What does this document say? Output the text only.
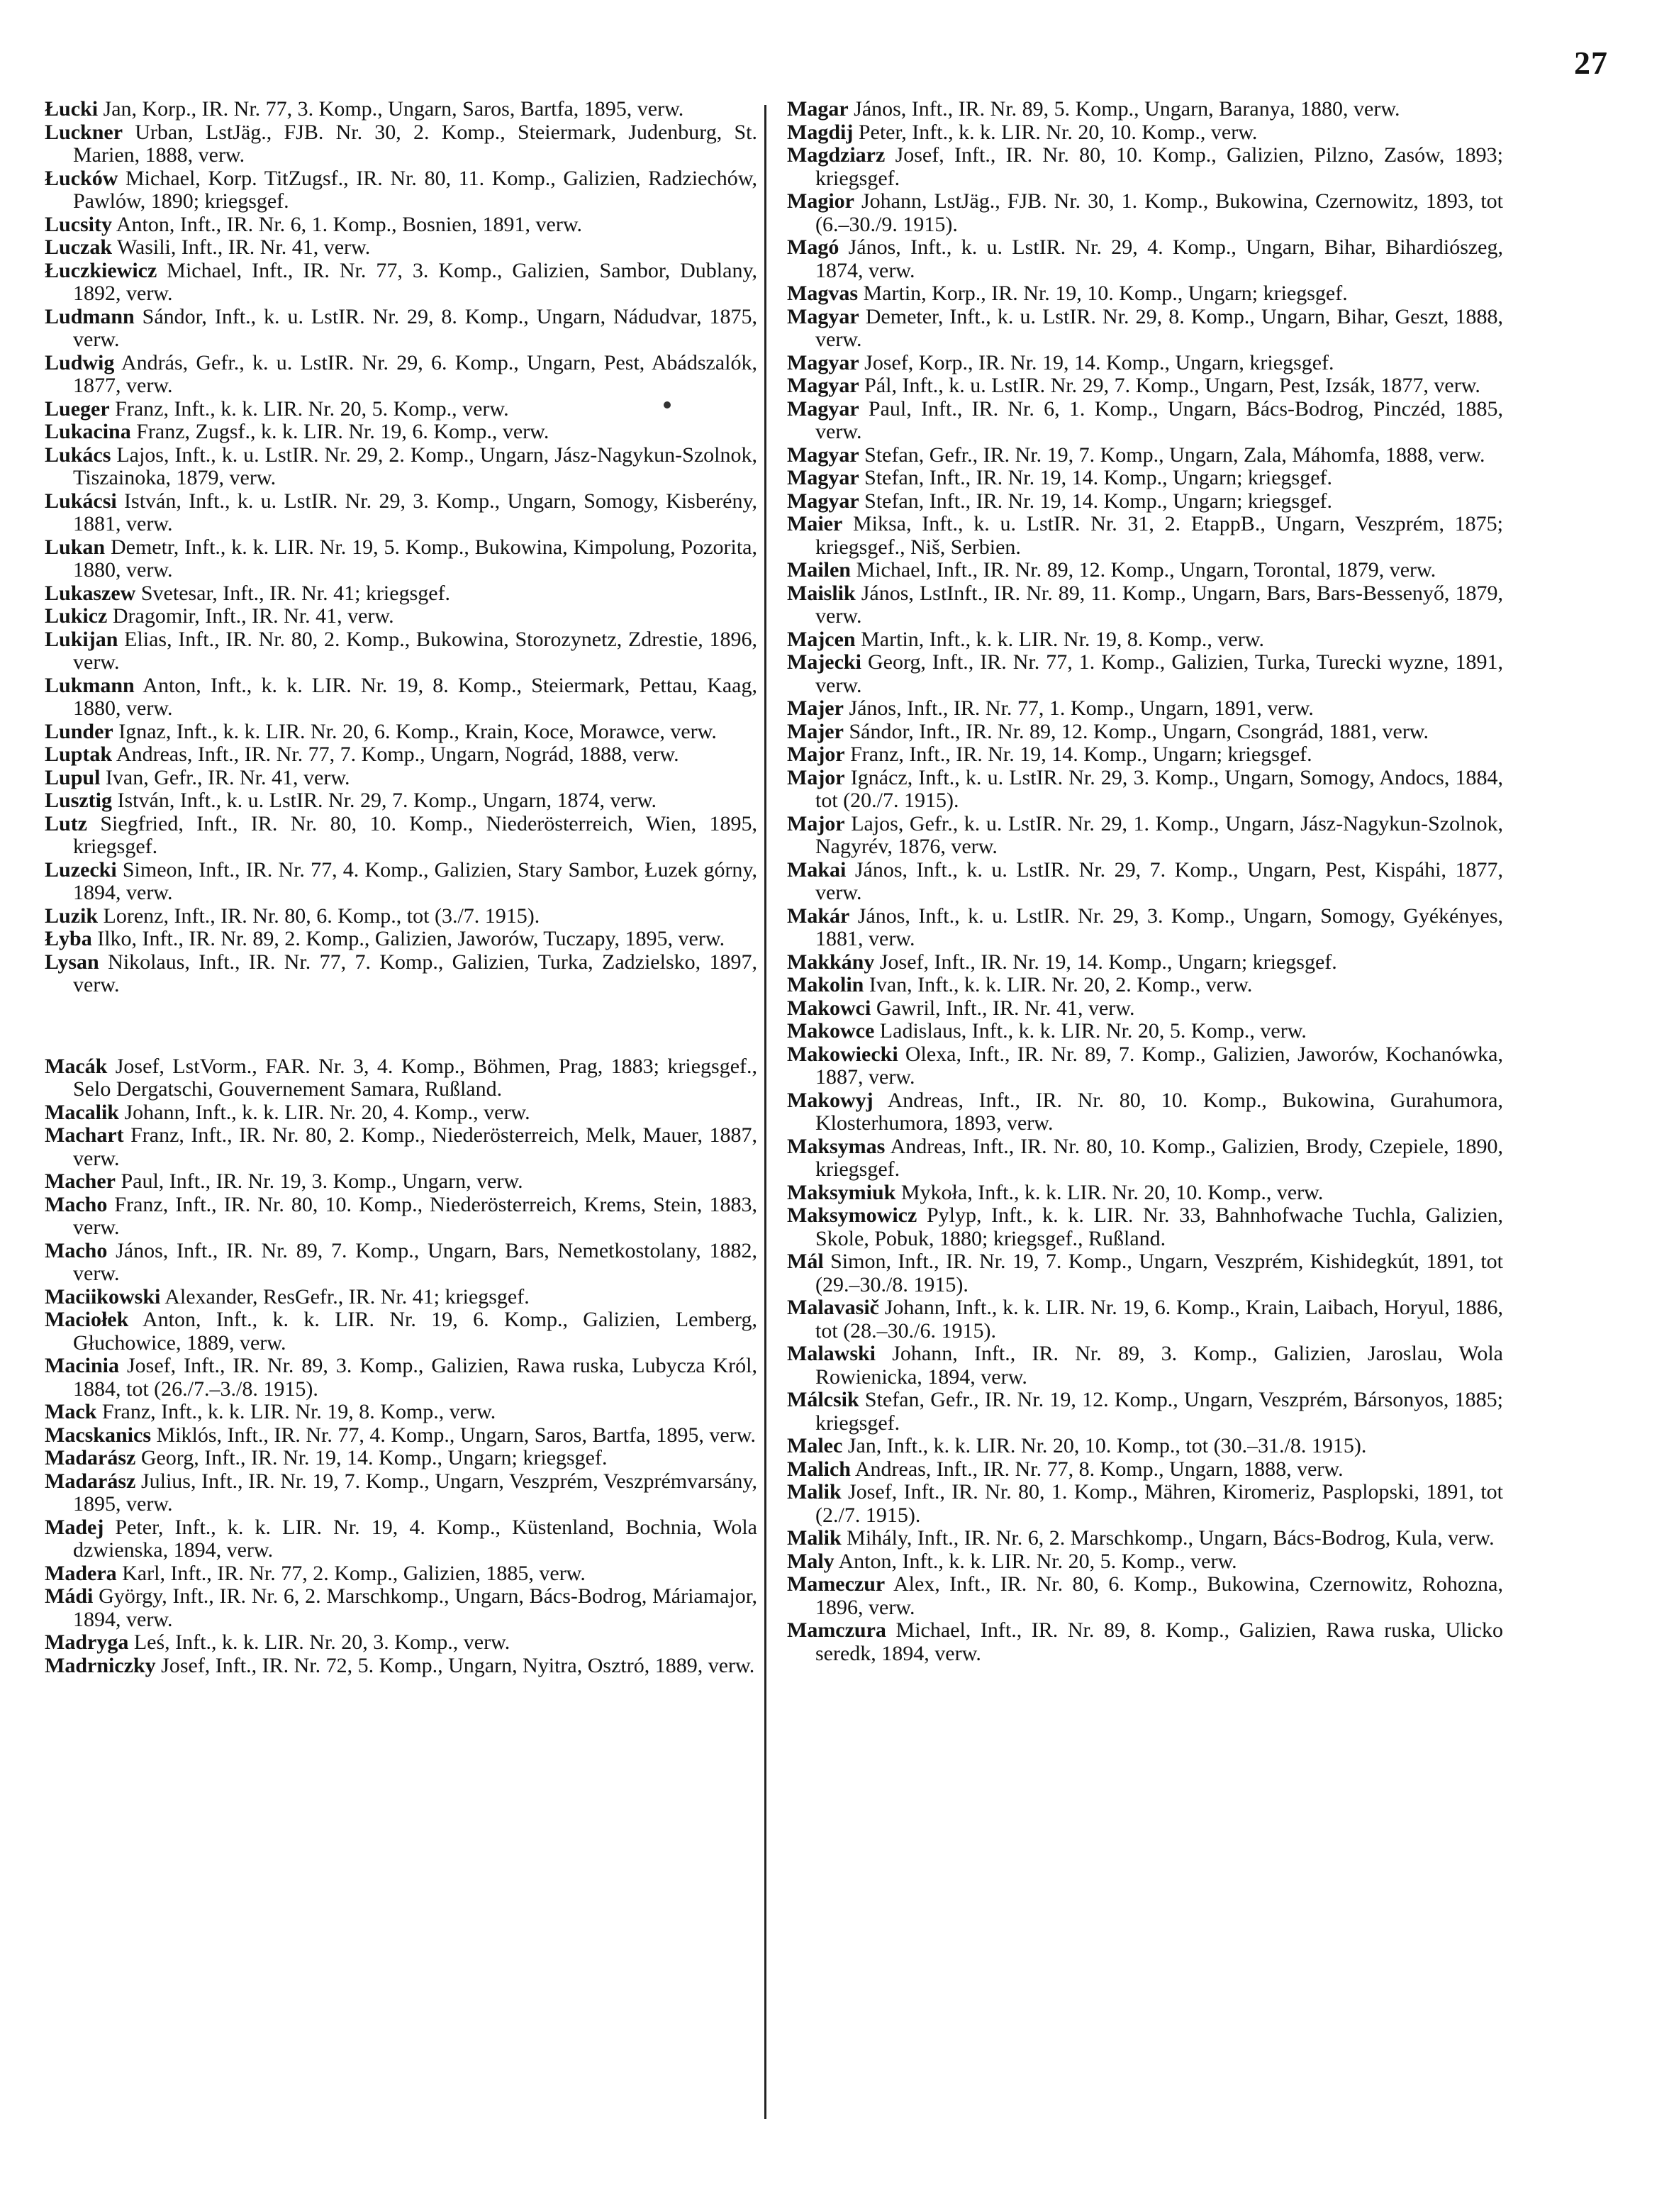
27

Łucki Jan, Korp., IR. Nr. 77, 3. Komp., Ungarn, Saros, Bartfa, 1895, verw.

Luckner Urban, LstJäg., FJB. Nr. 30, 2. Komp., Steiermark, Judenburg, St. Marien, 1888, verw.

Łucków Michael, Korp. TitZugsf., IR. Nr. 80, 11. Komp., Galizien, Radziechów, Pawlów, 1890; kriegsgef.

Lucsity Anton, Inft., IR. Nr. 6, 1. Komp., Bosnien, 1891, verw.

Luczak Wasili, Inft., IR. Nr. 41, verw.

Łuczkiewicz Michael, Inft., IR. Nr. 77, 3. Komp., Galizien, Sambor, Dublany, 1892, verw.

Ludmann Sándor, Inft., k. u. LstIR. Nr. 29, 8. Komp., Ungarn, Nádudvar, 1875, verw.

Ludwig András, Gefr., k. u. LstIR. Nr. 29, 6. Komp., Ungarn, Pest, Abádszalók, 1877, verw.

Lueger Franz, Inft., k. k. LIR. Nr. 20, 5. Komp., verw.

Lukacina Franz, Zugsf., k. k. LIR. Nr. 19, 6. Komp., verw.

Lukács Lajos, Inft., k. u. LstIR. Nr. 29, 2. Komp., Ungarn, Jász-Nagykun-Szolnok, Tiszainoka, 1879, verw.

Lukácsi István, Inft., k. u. LstIR. Nr. 29, 3. Komp., Ungarn, Somogy, Kisberény, 1881, verw.

Lukan Demetr, Inft., k. k. LIR. Nr. 19, 5. Komp., Bukowina, Kimpolung, Pozorita, 1880, verw.

Lukaszew Svetesar, Inft., IR. Nr. 41; kriegsgef.

Lukicz Dragomir, Inft., IR. Nr. 41, verw.

Lukijan Elias, Inft., IR. Nr. 80, 2. Komp., Bukowina, Storozynetz, Zdrestie, 1896, verw.

Lukmann Anton, Inft., k. k. LIR. Nr. 19, 8. Komp., Steiermark, Pettau, Kaag, 1880, verw.

Lunder Ignaz, Inft., k. k. LIR. Nr. 20, 6. Komp., Krain, Koce, Morawce, verw.

Luptak Andreas, Inft., IR. Nr. 77, 7. Komp., Ungarn, Nográd, 1888, verw.

Lupul Ivan, Gefr., IR. Nr. 41, verw.

Lusztig István, Inft., k. u. LstIR. Nr. 29, 7. Komp., Ungarn, 1874, verw.

Lutz Siegfried, Inft., IR. Nr. 80, 10. Komp., Niederösterreich, Wien, 1895, kriegsgef.

Luzecki Simeon, Inft., IR. Nr. 77, 4. Komp., Galizien, Stary Sambor, Łuzek górny, 1894, verw.

Luzik Lorenz, Inft., IR. Nr. 80, 6. Komp., tot (3./7. 1915).

Łyba Ilko, Inft., IR. Nr. 89, 2. Komp., Galizien, Jaworów, Tuczapy, 1895, verw.

Lysan Nikolaus, Inft., IR. Nr. 77, 7. Komp., Galizien, Turka, Zadzielsko, 1897, verw.

Macák Josef, LstVorm., FAR. Nr. 3, 4. Komp., Böhmen, Prag, 1883; kriegsgef., Selo Dergatschi, Gouvernement Samara, Rußland.

Macalik Johann, Inft., k. k. LIR. Nr. 20, 4. Komp., verw.

Machart Franz, Inft., IR. Nr. 80, 2. Komp., Niederösterreich, Melk, Mauer, 1887, verw.

Macher Paul, Inft., IR. Nr. 19, 3. Komp., Ungarn, verw.

Macho Franz, Inft., IR. Nr. 80, 10. Komp., Niederösterreich, Krems, Stein, 1883, verw.

Macho János, Inft., IR. Nr. 89, 7. Komp., Ungarn, Bars, Nemetkostolany, 1882, verw.

Maciikowski Alexander, ResGefr., IR. Nr. 41; kriegsgef.

Maciołek Anton, Inft., k. k. LIR. Nr. 19, 6. Komp., Galizien, Lemberg, Głuchowice, 1889, verw.

Macinia Josef, Inft., IR. Nr. 89, 3. Komp., Galizien, Rawa ruska, Lubycza Król, 1884, tot (26./7.–3./8. 1915).

Mack Franz, Inft., k. k. LIR. Nr. 19, 8. Komp., verw.

Macskanics Miklós, Inft., IR. Nr. 77, 4. Komp., Ungarn, Saros, Bartfa, 1895, verw.

Madarász Georg, Inft., IR. Nr. 19, 14. Komp., Ungarn; kriegsgef.

Madarász Julius, Inft., IR. Nr. 19, 7. Komp., Ungarn, Veszprém, Veszprémvarsány, 1895, verw.

Madej Peter, Inft., k. k. LIR. Nr. 19, 4. Komp., Küstenland, Bochnia, Wola dzwienska, 1894, verw.

Madera Karl, Inft., IR. Nr. 77, 2. Komp., Galizien, 1885, verw.

Mádi György, Inft., IR. Nr. 6, 2. Marschkomp., Ungarn, Bács-Bodrog, Máriamajor, 1894, verw.

Madryga Leś, Inft., k. k. LIR. Nr. 20, 3. Komp., verw.

Madrniczky Josef, Inft., IR. Nr. 72, 5. Komp., Ungarn, Nyitra, Osztró, 1889, verw.

Magar János, Inft., IR. Nr. 89, 5. Komp., Ungarn, Baranya, 1880, verw.

Magdij Peter, Inft., k. k. LIR. Nr. 20, 10. Komp., verw.

Magdziarz Josef, Inft., IR. Nr. 80, 10. Komp., Galizien, Pilzno, Zasów, 1893; kriegsgef.

Magior Johann, LstJäg., FJB. Nr. 30, 1. Komp., Bukowina, Czernowitz, 1893, tot (6.–30./9. 1915).

Magó János, Inft., k. u. LstIR. Nr. 29, 4. Komp., Ungarn, Bihar, Bihardiószeg, 1874, verw.

Magvas Martin, Korp., IR. Nr. 19, 10. Komp., Ungarn; kriegsgef.

Magyar Demeter, Inft., k. u. LstIR. Nr. 29, 8. Komp., Ungarn, Bihar, Geszt, 1888, verw.

Magyar Josef, Korp., IR. Nr. 19, 14. Komp., Ungarn, kriegsgef.

Magyar Pál, Inft., k. u. LstIR. Nr. 29, 7. Komp., Ungarn, Pest, Izsák, 1877, verw.

Magyar Paul, Inft., IR. Nr. 6, 1. Komp., Ungarn, Bács-Bodrog, Pinczéd, 1885, verw.

Magyar Stefan, Gefr., IR. Nr. 19, 7. Komp., Ungarn, Zala, Máhomfa, 1888, verw.

Magyar Stefan, Inft., IR. Nr. 19, 14. Komp., Ungarn; kriegsgef.

Magyar Stefan, Inft., IR. Nr. 19, 14. Komp., Ungarn; kriegsgef.

Maier Miksa, Inft., k. u. LstIR. Nr. 31, 2. EtappB., Ungarn, Veszprém, 1875; kriegsgef., Niš, Serbien.

Mailen Michael, Inft., IR. Nr. 89, 12. Komp., Ungarn, Torontal, 1879, verw.

Maislik János, LstInft., IR. Nr. 89, 11. Komp., Ungarn, Bars, Bars-Bessenyő, 1879, verw.

Majcen Martin, Inft., k. k. LIR. Nr. 19, 8. Komp., verw.

Majecki Georg, Inft., IR. Nr. 77, 1. Komp., Galizien, Turka, Turecki wyzne, 1891, verw.

Majer János, Inft., IR. Nr. 77, 1. Komp., Ungarn, 1891, verw.

Majer Sándor, Inft., IR. Nr. 89, 12. Komp., Ungarn, Csongrád, 1881, verw.

Major Franz, Inft., IR. Nr. 19, 14. Komp., Ungarn; kriegsgef.

Major Ignácz, Inft., k. u. LstIR. Nr. 29, 3. Komp., Ungarn, Somogy, Andocs, 1884, tot (20./7. 1915).

Major Lajos, Gefr., k. u. LstIR. Nr. 29, 1. Komp., Ungarn, Jász-Nagykun-Szolnok, Nagyrév, 1876, verw.

Makai János, Inft., k. u. LstIR. Nr. 29, 7. Komp., Ungarn, Pest, Kispáhi, 1877, verw.

Makár János, Inft., k. u. LstIR. Nr. 29, 3. Komp., Ungarn, Somogy, Gyékényes, 1881, verw.

Makkány Josef, Inft., IR. Nr. 19, 14. Komp., Ungarn; kriegsgef.

Makolin Ivan, Inft., k. k. LIR. Nr. 20, 2. Komp., verw.

Makowci Gawril, Inft., IR. Nr. 41, verw.

Makowce Ladislaus, Inft., k. k. LIR. Nr. 20, 5. Komp., verw.

Makowiecki Olexa, Inft., IR. Nr. 89, 7. Komp., Galizien, Jaworów, Kochanówka, 1887, verw.

Makowyj Andreas, Inft., IR. Nr. 80, 10. Komp., Bukowina, Gurahumora, Klosterhumora, 1893, verw.

Maksymas Andreas, Inft., IR. Nr. 80, 10. Komp., Galizien, Brody, Czepiele, 1890, kriegsgef.

Maksymiuk Mykoła, Inft., k. k. LIR. Nr. 20, 10. Komp., verw.

Maksymowicz Pylyp, Inft., k. k. LIR. Nr. 33, Bahnhofwache Tuchla, Galizien, Skole, Pobuk, 1880; kriegsgef., Rußland.

Mál Simon, Inft., IR. Nr. 19, 7. Komp., Ungarn, Veszprém, Kishidegkút, 1891, tot (29.–30./8. 1915).

Malavasič Johann, Inft., k. k. LIR. Nr. 19, 6. Komp., Krain, Laibach, Horyul, 1886, tot (28.–30./6. 1915).

Malawski Johann, Inft., IR. Nr. 89, 3. Komp., Galizien, Jaroslau, Wola Rowienicka, 1894, verw.

Málcsik Stefan, Gefr., IR. Nr. 19, 12. Komp., Ungarn, Veszprém, Bársonyos, 1885; kriegsgef.

Malec Jan, Inft., k. k. LIR. Nr. 20, 10. Komp., tot (30.–31./8. 1915).

Malich Andreas, Inft., IR. Nr. 77, 8. Komp., Ungarn, 1888, verw.

Malik Josef, Inft., IR. Nr. 80, 1. Komp., Mähren, Kiromeriz, Pasplopski, 1891, tot (2./7. 1915).

Malik Mihály, Inft., IR. Nr. 6, 2. Marschkomp., Ungarn, Bács-Bodrog, Kula, verw.

Maly Anton, Inft., k. k. LIR. Nr. 20, 5. Komp., verw.

Mameczur Alex, Inft., IR. Nr. 80, 6. Komp., Bukowina, Czernowitz, Rohozna, 1896, verw.

Mamczura Michael, Inft., IR. Nr. 89, 8. Komp., Galizien, Rawa ruska, Ulicko seredk, 1894, verw.
